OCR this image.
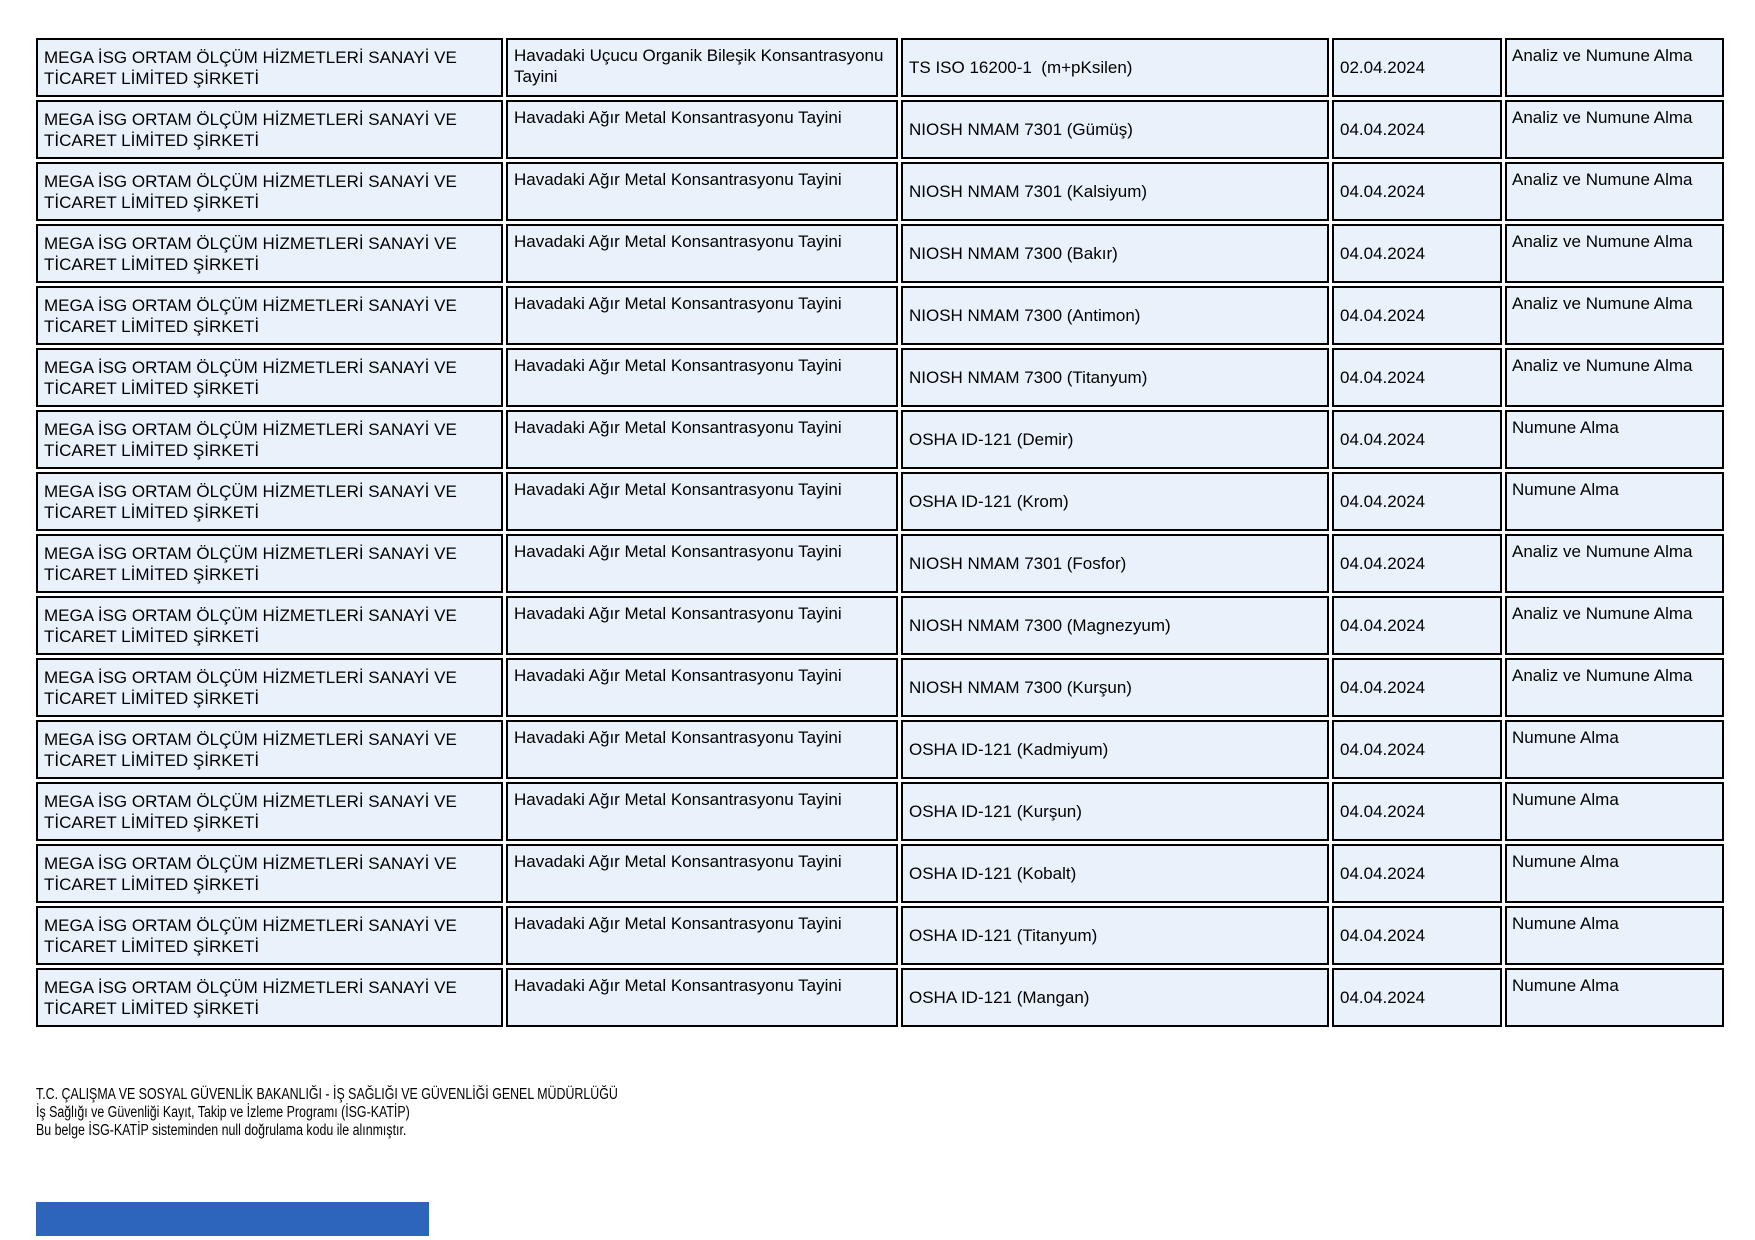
MEGA İSG ORTAM ÖLÇÜM HİZMETLERİ SANAYİ VE TİCARET LİMİTED ŞİRKETİ	Havadaki Uçucu Organik Bileşik Konsantrasyonu Tayini	TS ISO 16200-1  (m+pKsilen)	02.04.2024	Analiz ve Numune Alma
MEGA İSG ORTAM ÖLÇÜM HİZMETLERİ SANAYİ VE TİCARET LİMİTED ŞİRKETİ	Havadaki Ağır Metal Konsantrasyonu Tayini	NIOSH NMAM 7301 (Gümüş)	04.04.2024	Analiz ve Numune Alma
MEGA İSG ORTAM ÖLÇÜM HİZMETLERİ SANAYİ VE TİCARET LİMİTED ŞİRKETİ	Havadaki Ağır Metal Konsantrasyonu Tayini	NIOSH NMAM 7301 (Kalsiyum)	04.04.2024	Analiz ve Numune Alma
MEGA İSG ORTAM ÖLÇÜM HİZMETLERİ SANAYİ VE TİCARET LİMİTED ŞİRKETİ	Havadaki Ağır Metal Konsantrasyonu Tayini	NIOSH NMAM 7300 (Bakır)	04.04.2024	Analiz ve Numune Alma
MEGA İSG ORTAM ÖLÇÜM HİZMETLERİ SANAYİ VE TİCARET LİMİTED ŞİRKETİ	Havadaki Ağır Metal Konsantrasyonu Tayini	NIOSH NMAM 7300 (Antimon)	04.04.2024	Analiz ve Numune Alma
MEGA İSG ORTAM ÖLÇÜM HİZMETLERİ SANAYİ VE TİCARET LİMİTED ŞİRKETİ	Havadaki Ağır Metal Konsantrasyonu Tayini	NIOSH NMAM 7300 (Titanyum)	04.04.2024	Analiz ve Numune Alma
MEGA İSG ORTAM ÖLÇÜM HİZMETLERİ SANAYİ VE TİCARET LİMİTED ŞİRKETİ	Havadaki Ağır Metal Konsantrasyonu Tayini	OSHA ID-121 (Demir)	04.04.2024	Numune Alma
MEGA İSG ORTAM ÖLÇÜM HİZMETLERİ SANAYİ VE TİCARET LİMİTED ŞİRKETİ	Havadaki Ağır Metal Konsantrasyonu Tayini	OSHA ID-121 (Krom)	04.04.2024	Numune Alma
MEGA İSG ORTAM ÖLÇÜM HİZMETLERİ SANAYİ VE TİCARET LİMİTED ŞİRKETİ	Havadaki Ağır Metal Konsantrasyonu Tayini	NIOSH NMAM 7301 (Fosfor)	04.04.2024	Analiz ve Numune Alma
MEGA İSG ORTAM ÖLÇÜM HİZMETLERİ SANAYİ VE TİCARET LİMİTED ŞİRKETİ	Havadaki Ağır Metal Konsantrasyonu Tayini	NIOSH NMAM 7300 (Magnezyum)	04.04.2024	Analiz ve Numune Alma
MEGA İSG ORTAM ÖLÇÜM HİZMETLERİ SANAYİ VE TİCARET LİMİTED ŞİRKETİ	Havadaki Ağır Metal Konsantrasyonu Tayini	NIOSH NMAM 7300 (Kurşun)	04.04.2024	Analiz ve Numune Alma
MEGA İSG ORTAM ÖLÇÜM HİZMETLERİ SANAYİ VE TİCARET LİMİTED ŞİRKETİ	Havadaki Ağır Metal Konsantrasyonu Tayini	OSHA ID-121 (Kadmiyum)	04.04.2024	Numune Alma
MEGA İSG ORTAM ÖLÇÜM HİZMETLERİ SANAYİ VE TİCARET LİMİTED ŞİRKETİ	Havadaki Ağır Metal Konsantrasyonu Tayini	OSHA ID-121 (Kurşun)	04.04.2024	Numune Alma
MEGA İSG ORTAM ÖLÇÜM HİZMETLERİ SANAYİ VE TİCARET LİMİTED ŞİRKETİ	Havadaki Ağır Metal Konsantrasyonu Tayini	OSHA ID-121 (Kobalt)	04.04.2024	Numune Alma
MEGA İSG ORTAM ÖLÇÜM HİZMETLERİ SANAYİ VE TİCARET LİMİTED ŞİRKETİ	Havadaki Ağır Metal Konsantrasyonu Tayini	OSHA ID-121 (Titanyum)	04.04.2024	Numune Alma
MEGA İSG ORTAM ÖLÇÜM HİZMETLERİ SANAYİ VE TİCARET LİMİTED ŞİRKETİ	Havadaki Ağır Metal Konsantrasyonu Tayini	OSHA ID-121 (Mangan)	04.04.2024	Numune Alma
T.C. ÇALIŞMA VE SOSYAL GÜVENLİK BAKANLIĞI - İŞ SAĞLIĞI VE GÜVENLİĞİ GENEL MÜDÜRLÜĞÜ
İş Sağlığı ve Güvenliği Kayıt, Takip ve İzleme Programı (İSG-KATİP)
Bu belge İSG-KATİP sisteminden null doğrulama kodu ile alınmıştır.
